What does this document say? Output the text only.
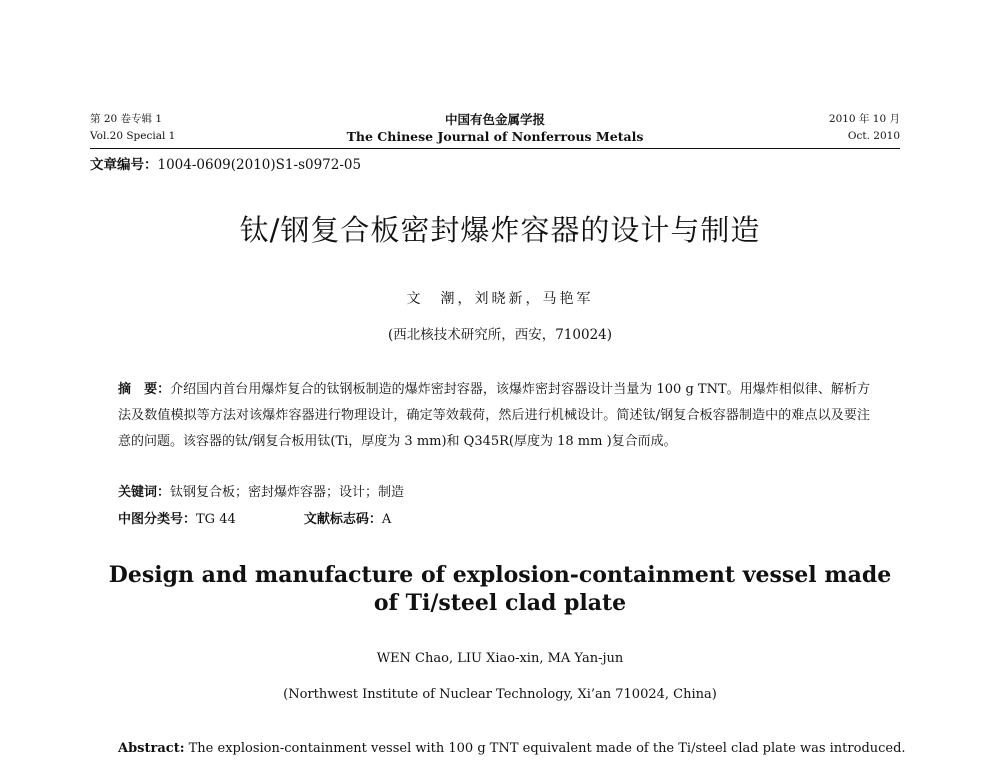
第 20 卷专辑 1
Vol.20 Special 1
中国有色金属学报
The Chinese Journal of Nonferrous Metals
2010 年 10 月
Oct. 2010
文章编号：1004-0609(2010)S1-s0972-05
钛/钢复合板密封爆炸容器的设计与制造
文　潮，刘晓新，马艳军
(西北核技术研究所，西安，710024)
摘　要：介绍国内首台用爆炸复合的钛钢板制造的爆炸密封容器，该爆炸密封容器设计当量为 100 g TNT。用爆炸相似律、解析方法及数值模拟等方法对该爆炸容器进行物理设计，确定等效载荷，然后进行机械设计。简述钛/钢复合板容器制造中的难点以及要注意的问题。该容器的钛/钢复合板用钛(Ti，厚度为 3 mm)和 Q345R(厚度为 18 mm )复合而成。
关键词：钛钢复合板；密封爆炸容器；设计；制造
中图分类号：TG 44	文献标志码：A
Design and manufacture of explosion-containment vessel made
of Ti/steel clad plate
WEN Chao, LIU Xiao-xin, MA Yan-jun
(Northwest Institute of Nuclear Technology, Xi’an 710024, China)
Abstract: The explosion-containment vessel with 100 g TNT equivalent made of the Ti/steel clad plate was introduced.
